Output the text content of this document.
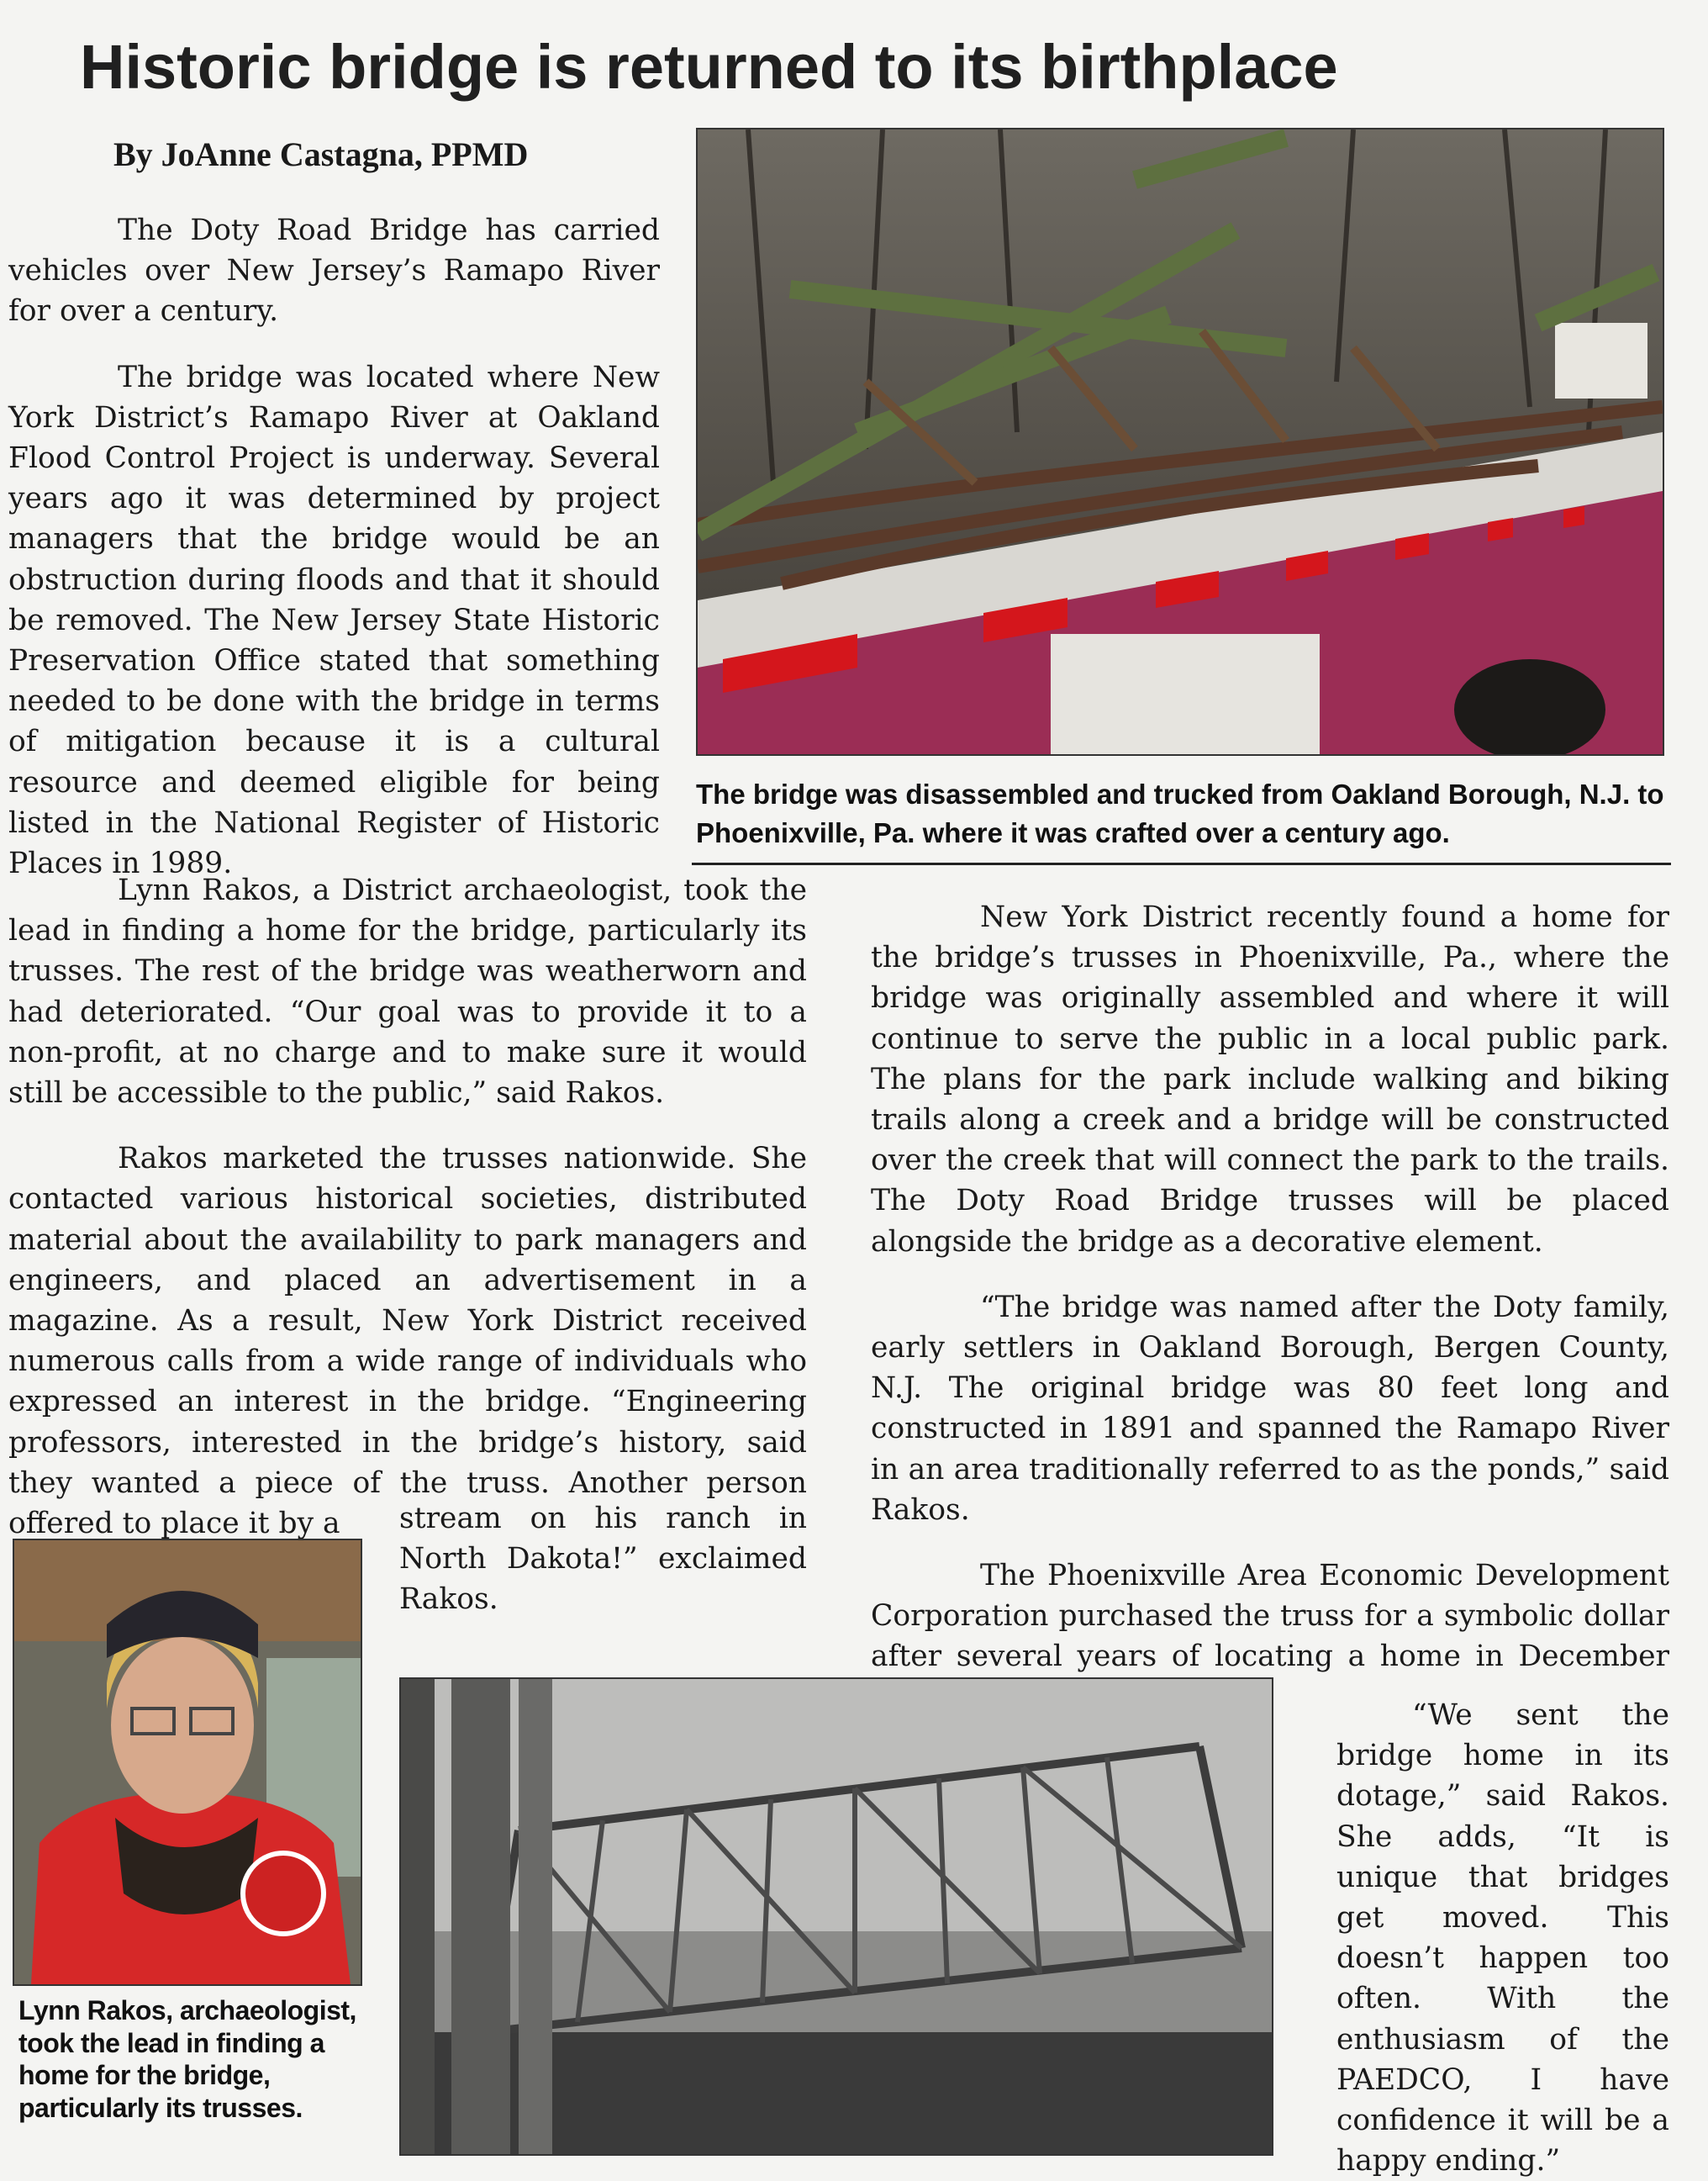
Historic bridge is returned to its birthplace
By JoAnne Castagna, PPMD

The Doty Road Bridge has carried vehicles over New Jersey’s Ramapo River for over a century.

The bridge was located where New York District’s Ramapo River at Oakland Flood Control Project is underway. Several years ago it was determined by project managers that the bridge would be an obstruction during floods and that it should be removed. The New Jersey State Historic Preservation Office stated that something needed to be done with the bridge in terms of mitigation because it is a cultural resource and deemed eligible for being listed in the National Register of Historic Places in 1989.

The bridge was disassembled and trucked from Oakland Borough, N.J. to Phoenixville, Pa. where it was crafted over a century ago.

Lynn Rakos, a District archaeologist, took the lead in finding a home for the bridge, particularly its trusses. The rest of the bridge was weatherworn and had deteriorated. “Our goal was to provide it to a non-profit, at no charge and to make sure it would still be accessible to the public,” said Rakos.

Rakos marketed the trusses nationwide. She contacted various historical societies, distributed material about the availability to park managers and engineers, and placed an advertisement in a magazine. As a result, New York District received numerous calls from a wide range of individuals who expressed an interest in the bridge. “Engineering professors, interested in the bridge’s history, said they wanted a piece of the truss. Another person offered to place it by a	stream on his ranch in North Dakota!” exclaimed Rakos.

New York District recently found a home for the bridge’s trusses in Phoenixville, Pa., where the bridge was originally assembled and where it will continue to serve the public in a local public park. The plans for the park include walking and biking trails along a creek and a bridge will be constructed over the creek that will connect the park to the trails. The Doty Road Bridge trusses will be placed alongside the bridge as a decorative element.

“The bridge was named after the Doty family, early settlers in Oakland Borough, Bergen County, N.J. The original bridge was 80 feet long and constructed in 1891 and spanned the Ramapo River in an area traditionally referred to as the ponds,” said Rakos.

The Phoenixville Area Economic Development Corporation purchased the truss for a symbolic dollar after several years of locating a home in December

Lynn Rakos, archaeologist, took the lead in finding a home for the bridge, particularly its trusses.
“We sent the bridge home in its dotage,” said Rakos. She adds, “It is unique that bridges get moved. This doesn’t happen too often. With the enthusiasm of the PAEDCO, I have confidence it will be a happy ending.”
